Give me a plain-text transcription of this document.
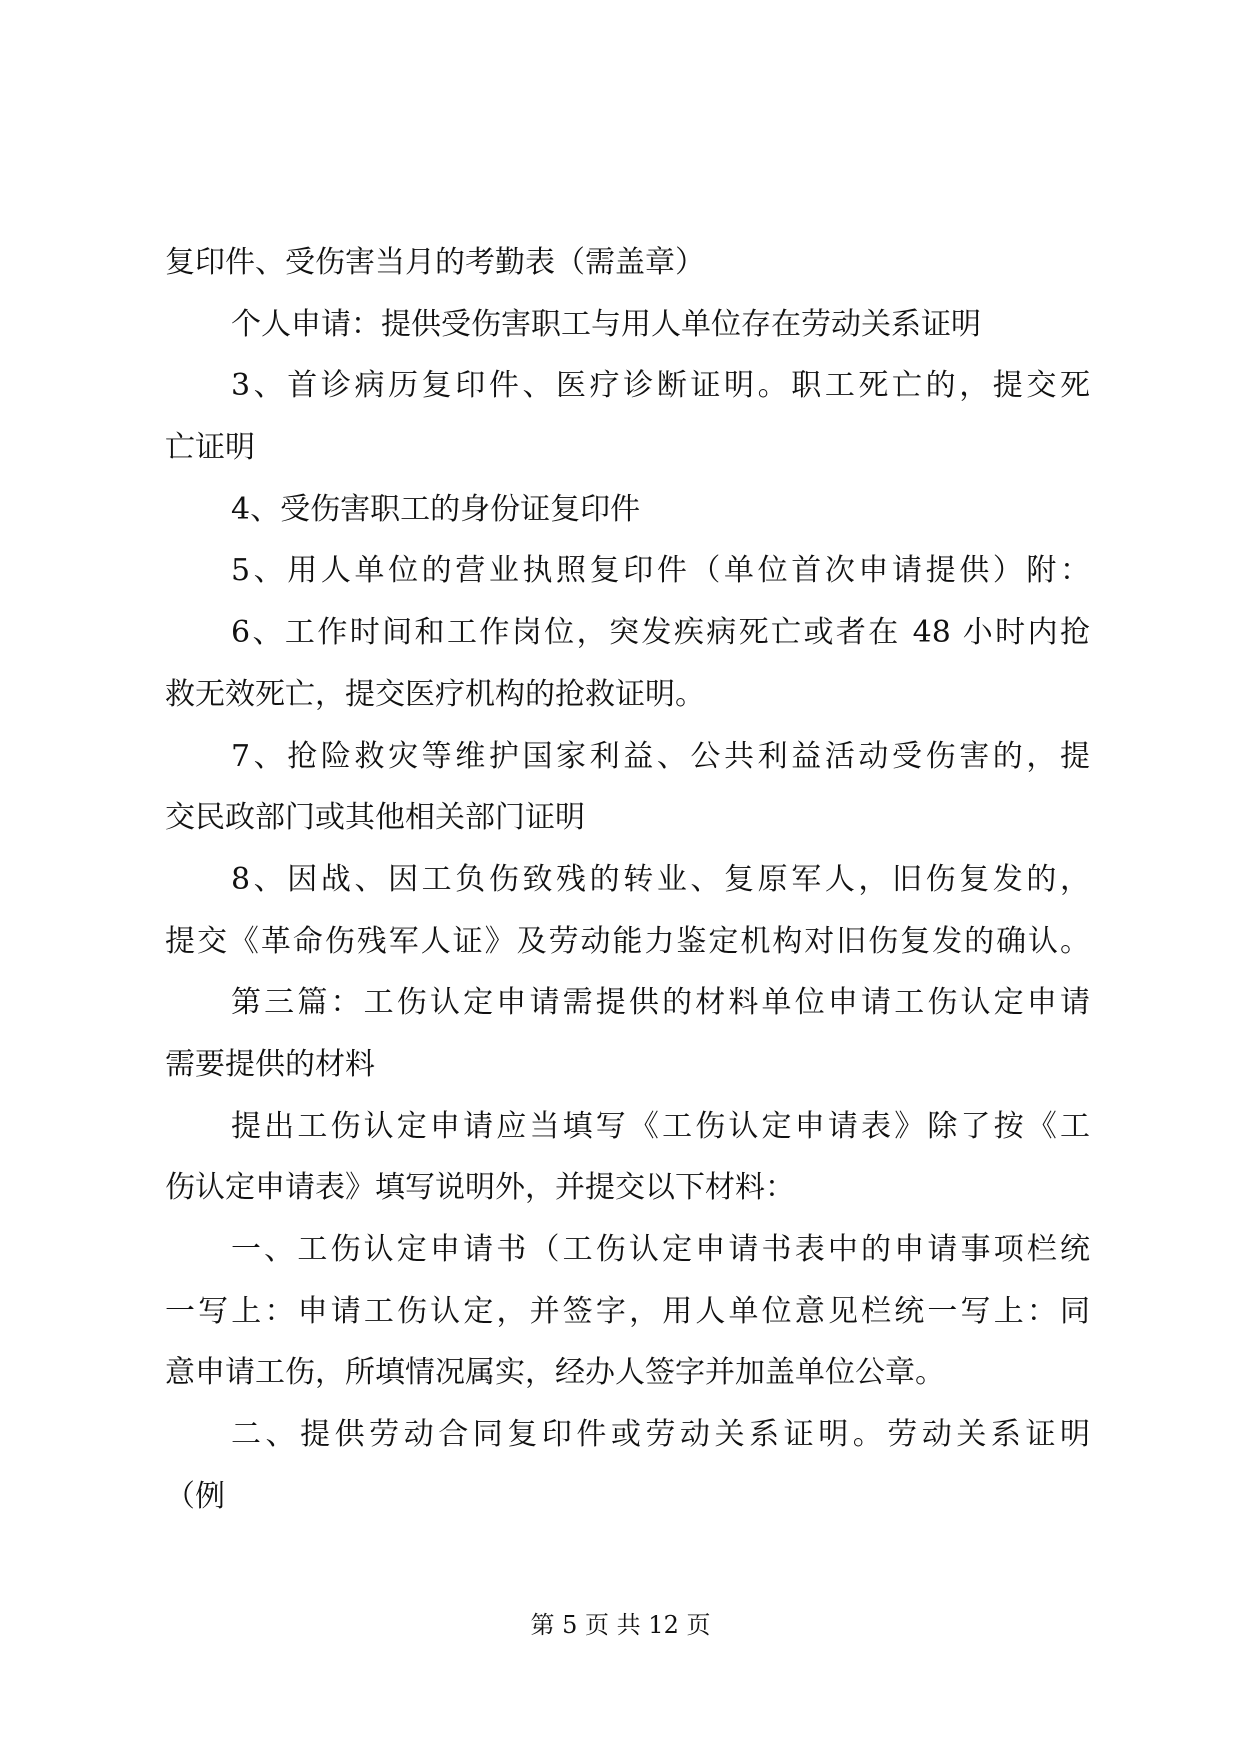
复印件、受伤害当月的考勤表（需盖章）
个人申请：提供受伤害职工与用人单位存在劳动关系证明
3、首诊病历复印件、医疗诊断证明。职工死亡的，提交死
亡证明
4、受伤害职工的身份证复印件
5、用人单位的营业执照复印件（单位首次申请提供）附：
6、工作时间和工作岗位，突发疾病死亡或者在 48 小时内抢
救无效死亡，提交医疗机构的抢救证明。
7、抢险救灾等维护国家利益、公共利益活动受伤害的，提
交民政部门或其他相关部门证明
8、因战、因工负伤致残的转业、复原军人，旧伤复发的，
提交《革命伤残军人证》及劳动能力鉴定机构对旧伤复发的确认。
第三篇：工伤认定申请需提供的材料单位申请工伤认定申请
需要提供的材料
提出工伤认定申请应当填写《工伤认定申请表》除了按《工
伤认定申请表》填写说明外，并提交以下材料：
一、工伤认定申请书（工伤认定申请书表中的申请事项栏统
一写上：申请工伤认定，并签字，用人单位意见栏统一写上：同
意申请工伤，所填情况属实，经办人签字并加盖单位公章。
二、提供劳动合同复印件或劳动关系证明。劳动关系证明
（例
第 5 页 共 12 页
